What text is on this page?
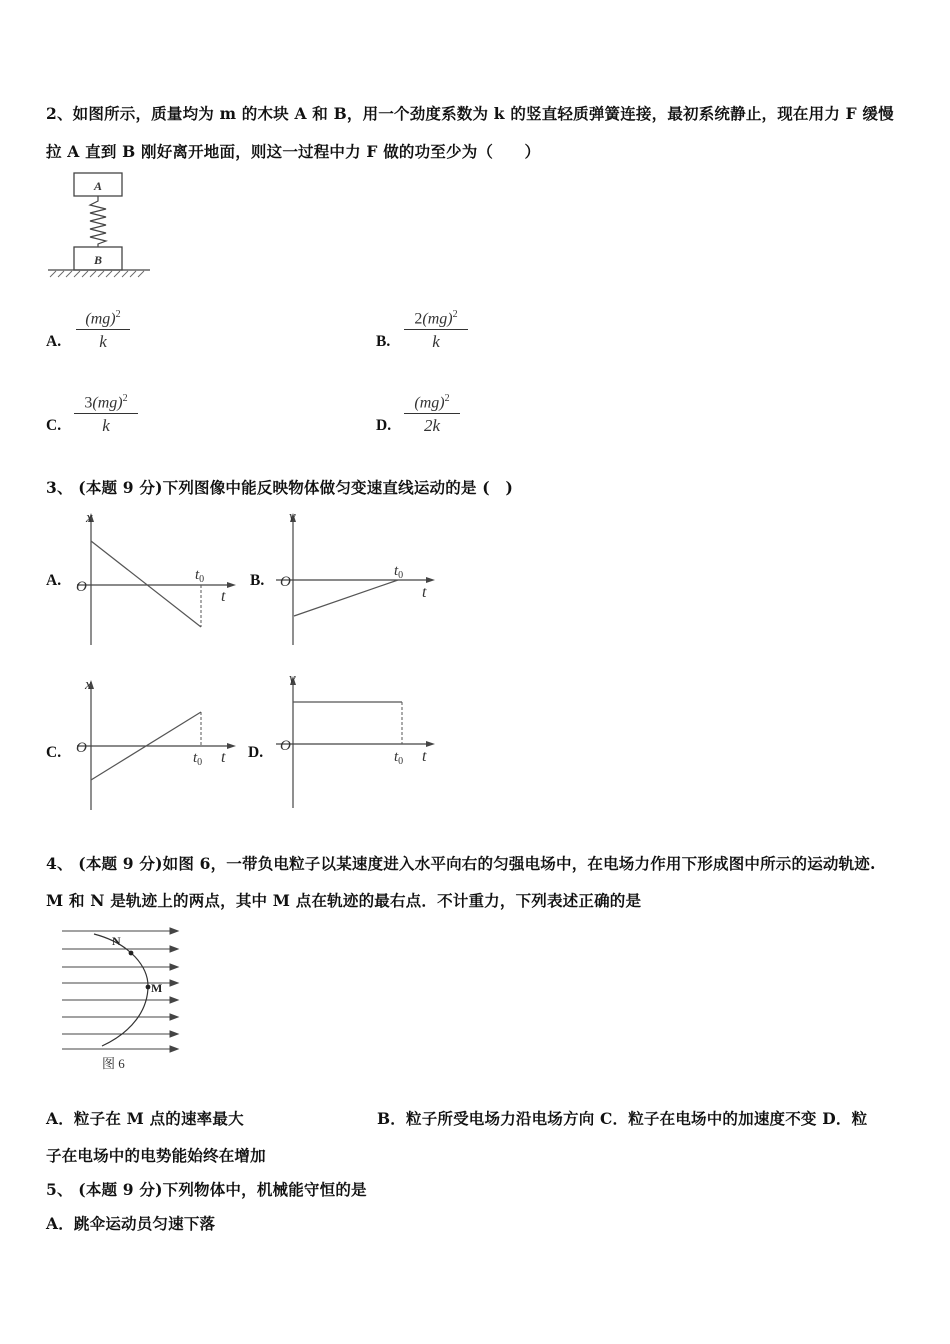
2、如图所示，质量均为 m 的木块 A 和 B，用一个劲度系数为 k 的竖直轻质弹簧连接，最初系统静止，现在用力 F 缓慢
拉 A 直到 B 刚好离开地面，则这一过程中力 F 做的功至少为（　　）
A
B
A. $\frac{(mg)^2}{k}$	B. $\frac{2(mg)^2}{k}$
C. $\frac{3(mg)^2}{k}$	D. $\frac{(mg)^2}{2k}$
3、 (本题 9 分)下列图像中能反映物体做匀变速直线运动的是 (　)
A.
x
O
t
$t_0$	B.
v
O
t
$t_0$
C.
x
O
t
$t_0$
D.
v
O
t
$t_0$
4、 (本题 9 分)如图 6，一带负电粒子以某速度进入水平向右的匀强电场中，在电场力作用下形成图中所示的运动轨迹.
M 和 N 是轨迹上的两点，其中 M 点在轨迹的最右点．不计重力，下列表述正确的是
N
M
图 6
A．粒子在 M 点的速率最大	B．粒子所受电场力沿电场方向 C．粒子在电场中的加速度不变 D．粒
子在电场中的电势能始终在增加
5、 (本题 9 分)下列物体中，机械能守恒的是
A．跳伞运动员匀速下落
